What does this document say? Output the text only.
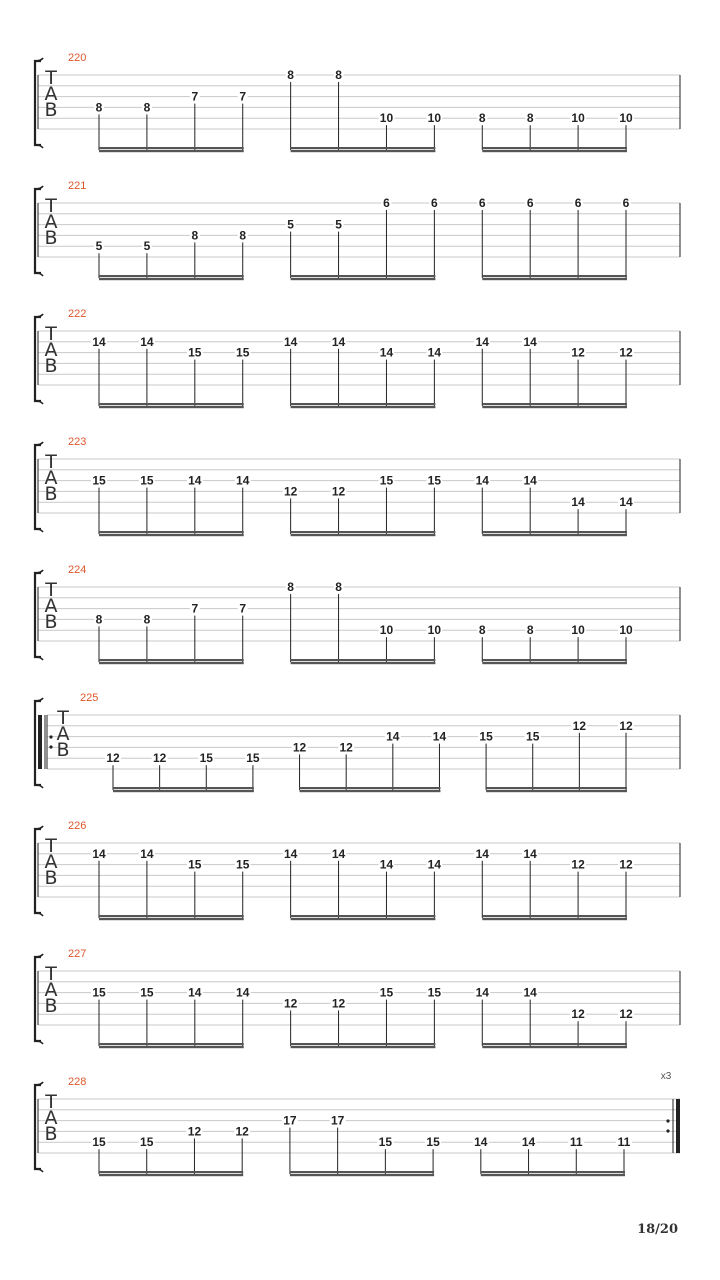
T
A
B
220
8	8
7	7
8	8
10	10	8	8	10	10
T
A
B
221
5	5
8	8
5	5
6	6	6	6	6	6
T
A
B
222
14	14
15	15
14	14
14	14
14	14
12	12
T
A
B
223
15	15	14	14
12	12
15	15	14	14
14	14
T
A
B
224
8	8
7	7
8	8
10	10	8	8	10	10
T
A
B
225
12	12	15	15
12	12
14	14	15	15
12	12
T
A
B
226
14	14
15	15
14	14
14	14
14	14
12	12
T
A
B
227
15	15	14	14
12	12
15	15	14	14
12	12
x3
T
A
B
228
15	15
12	12
17	17
15	15	14	14	11	11
18/20
